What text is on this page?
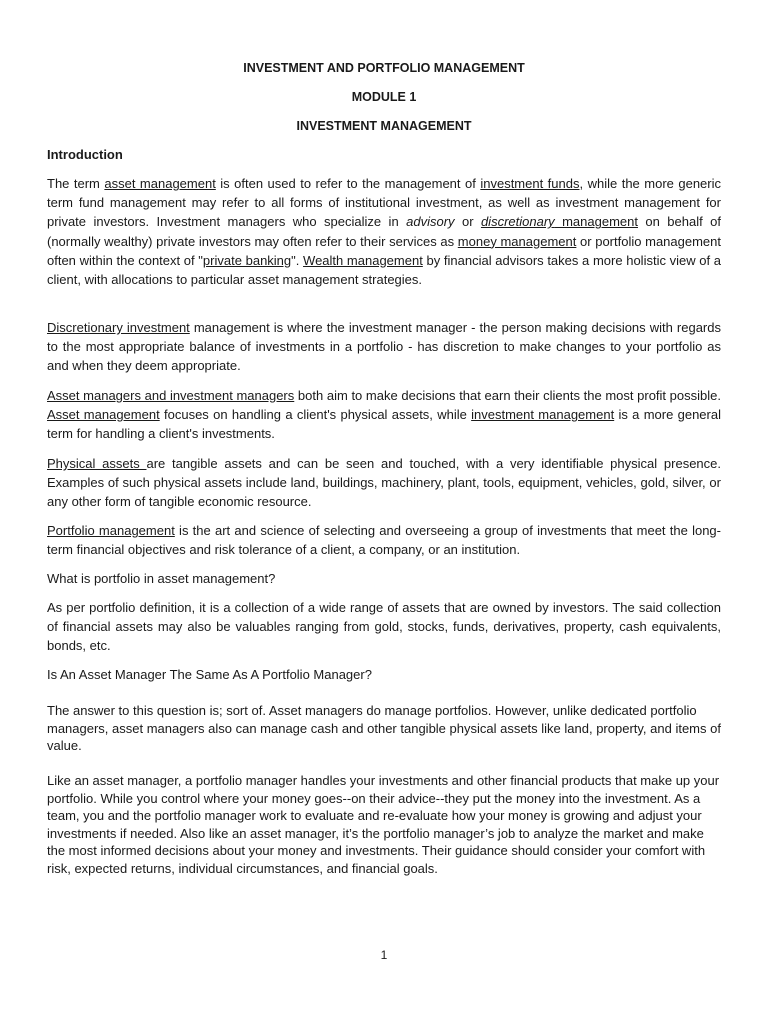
INVESTMENT AND PORTFOLIO MANAGEMENT

MODULE 1

INVESTMENT MANAGEMENT

Introduction

The term asset management is often used to refer to the management of investment funds, while the more generic term fund management may refer to all forms of institutional investment, as well as investment management for private investors. Investment managers who specialize in advisory or discretionary management on behalf of (normally wealthy) private investors may often refer to their services as money management or portfolio management often within the context of "private banking". Wealth management by financial advisors takes a more holistic view of a client, with allocations to particular asset management strategies.

Discretionary investment management is where the investment manager - the person making decisions with regards to the most appropriate balance of investments in a portfolio - has discretion to make changes to your portfolio as and when they deem appropriate.

Asset managers and investment managers both aim to make decisions that earn their clients the most profit possible. Asset management focuses on handling a client's physical assets, while investment management is a more general term for handling a client's investments.

Physical assets are tangible assets and can be seen and touched, with a very identifiable physical presence. Examples of such physical assets include land, buildings, machinery, plant, tools, equipment, vehicles, gold, silver, or any other form of tangible economic resource.

Portfolio management is the art and science of selecting and overseeing a group of investments that meet the long-term financial objectives and risk tolerance of a client, a company, or an institution.

What is portfolio in asset management?

As per portfolio definition, it is a collection of a wide range of assets that are owned by investors. The said collection of financial assets may also be valuables ranging from gold, stocks, funds, derivatives, property, cash equivalents, bonds, etc.

Is An Asset Manager The Same As A Portfolio Manager?

The answer to this question is; sort of. Asset managers do manage portfolios. However, unlike dedicated portfolio managers, asset managers also can manage cash and other tangible physical assets like land, property, and items of value.

Like an asset manager, a portfolio manager handles your investments and other financial products that make up your portfolio. While you control where your money goes--on their advice--they put the money into the investment. As a team, you and the portfolio manager work to evaluate and re-evaluate how your money is growing and adjust your investments if needed. Also like an asset manager, it’s the portfolio manager’s job to analyze the market and make the most informed decisions about your money and investments. Their guidance should consider your comfort with risk, expected returns, individual circumstances, and financial goals.

1
